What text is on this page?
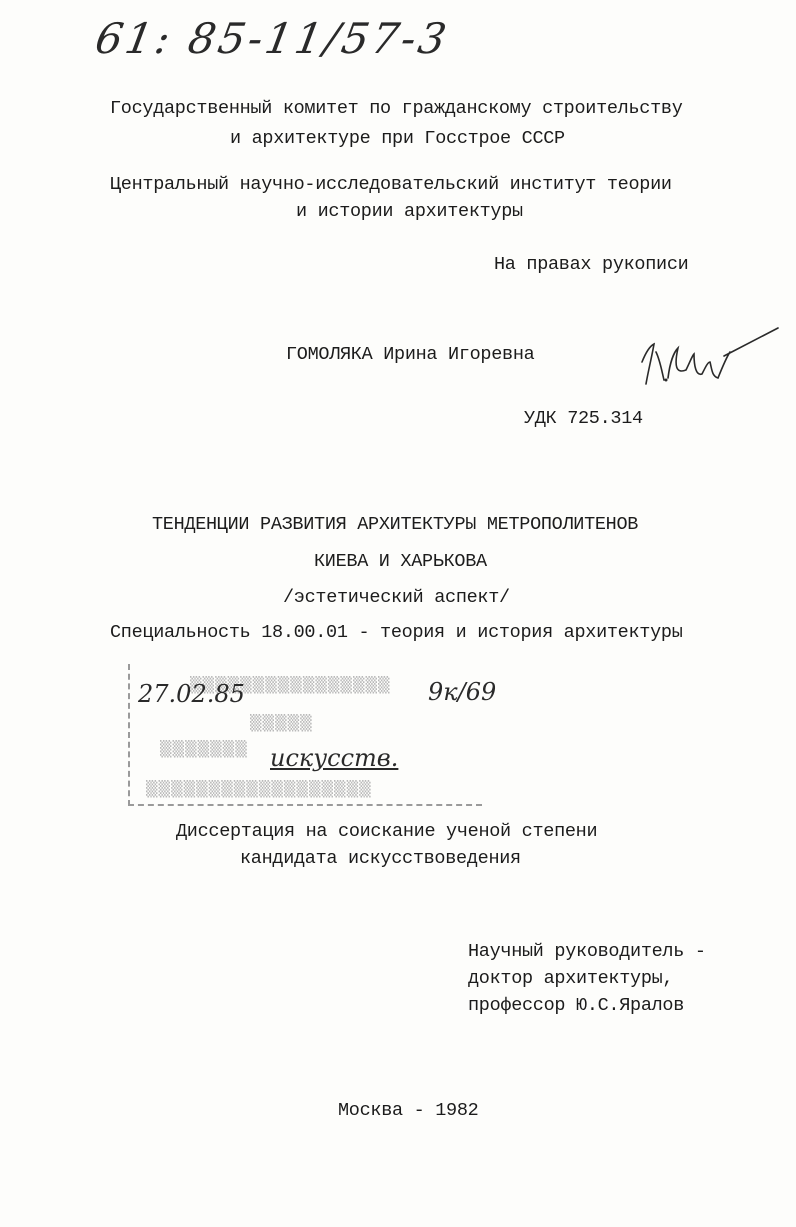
61: 85-11/57-3
Государственный комитет по гражданскому строительству
и архитектуре при Госстрое СССР
Центральный научно-исследовательский институт теории
и истории архитектуры
На правах рукописи
ГОМОЛЯКА Ирина Игоревна
УДК 725.314
ТЕНДЕНЦИИ РАЗВИТИЯ АРХИТЕКТУРЫ МЕТРОПОЛИТЕНОВ
КИЕВА И ХАРЬКОВА
/эстетический аспект/
Специальность 18.00.01 - теория и история архитектуры
▒▒▒▒▒▒▒▒▒▒▒▒▒▒▒▒
▒▒▒▒▒
▒▒▒▒▒▒▒
▒▒▒▒▒▒▒▒▒▒▒▒▒▒▒▒▒▒
27.02.85	9к/69
искусств.
Диссертация на соискание ученой степени
кандидата искусствоведения
Научный руководитель -
доктор архитектуры,
профессор Ю.С.Яралов
Москва - 1982
